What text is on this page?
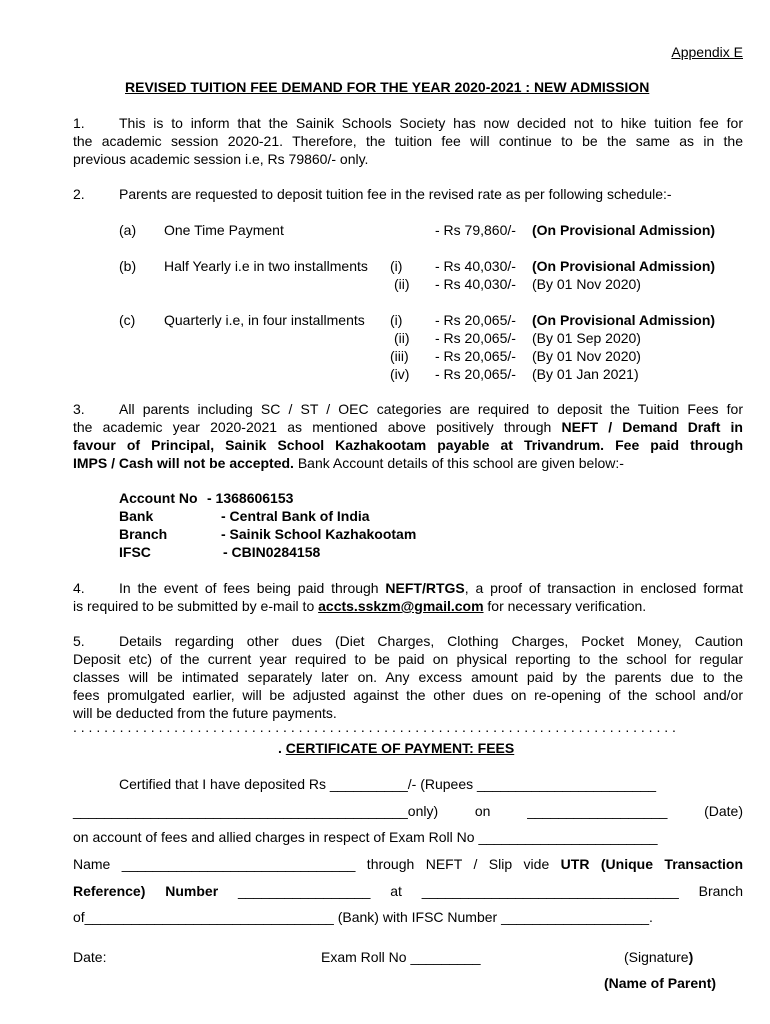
Appendix E
REVISED TUITION FEE DEMAND FOR THE YEAR 2020-2021 : NEW ADMISSION
1. This is to inform that the Sainik Schools Society has now decided not to hike tuition fee for
the academic session 2020-21. Therefore, the tuition fee will continue to be the same as in the
previous academic session i.e, Rs 79860/- only.
2. Parents are requested to deposit tuition fee in the revised rate as per following schedule:-
(a) One Time Payment	- Rs 79,860/- (On Provisional Admission)
(b) Half Yearly i.e in two installments (i) - Rs 40,030/- (On Provisional Admission)
(ii) - Rs 40,030/- (By 01 Nov 2020)
(c) Quarterly i.e, in four installments (i) - Rs 20,065/- (On Provisional Admission)
(ii) - Rs 20,065/- (By 01 Sep 2020)
(iii) - Rs 20,065/- (By 01 Nov 2020)
(iv) - Rs 20,065/- (By 01 Jan 2021)
3. All parents including SC / ST / OEC categories are required to deposit the Tuition Fees for
the academic year 2020-2021 as mentioned above positively through NEFT / Demand Draft in
favour of Principal, Sainik School Kazhakootam payable at Trivandrum. Fee paid through
IMPS / Cash will not be accepted. Bank Account details of this school are given below:-
Account No - 1368606153
Bank	- Central Bank of India
Branch	- Sainik School Kazhakootam
IFSC	- CBIN0284158
4. In the event of fees being paid through NEFT/RTGS, a proof of transaction in enclosed format
is required to be submitted by e-mail to accts.sskzm@gmail.com for necessary verification.
5. Details regarding other dues (Diet Charges, Clothing Charges, Pocket Money, Caution
Deposit etc) of the current year required to be paid on physical reporting to the school for regular
classes will be intimated separately later on. Any excess amount paid by the parents due to the
fees promulgated earlier, will be adjusted against the other dues on re-opening of the school and/or
will be deducted from the future payments.
. . . . . . . . . . . . . . . . . . . . . . . . . . . . . . . . . . . . . . . . . . . . . . . . . . . . . . . . . . . . . . . . . . . . . . . . . . . . . .
. CERTIFICATE OF PAYMENT: FEES
Certified that I have deposited Rs __________/- (Rupees _______________________
___________________________________________only) on __________________ (Date)
on account of fees and allied charges in respect of Exam Roll No _______________________
Name ______________________________ through NEFT / Slip vide UTR (Unique Transaction
Reference) Number _________________ at _________________________________ Branch
of________________________________ (Bank) with IFSC Number ___________________.
Date:	Exam Roll No _________	(Signature)
(Name of Parent)
